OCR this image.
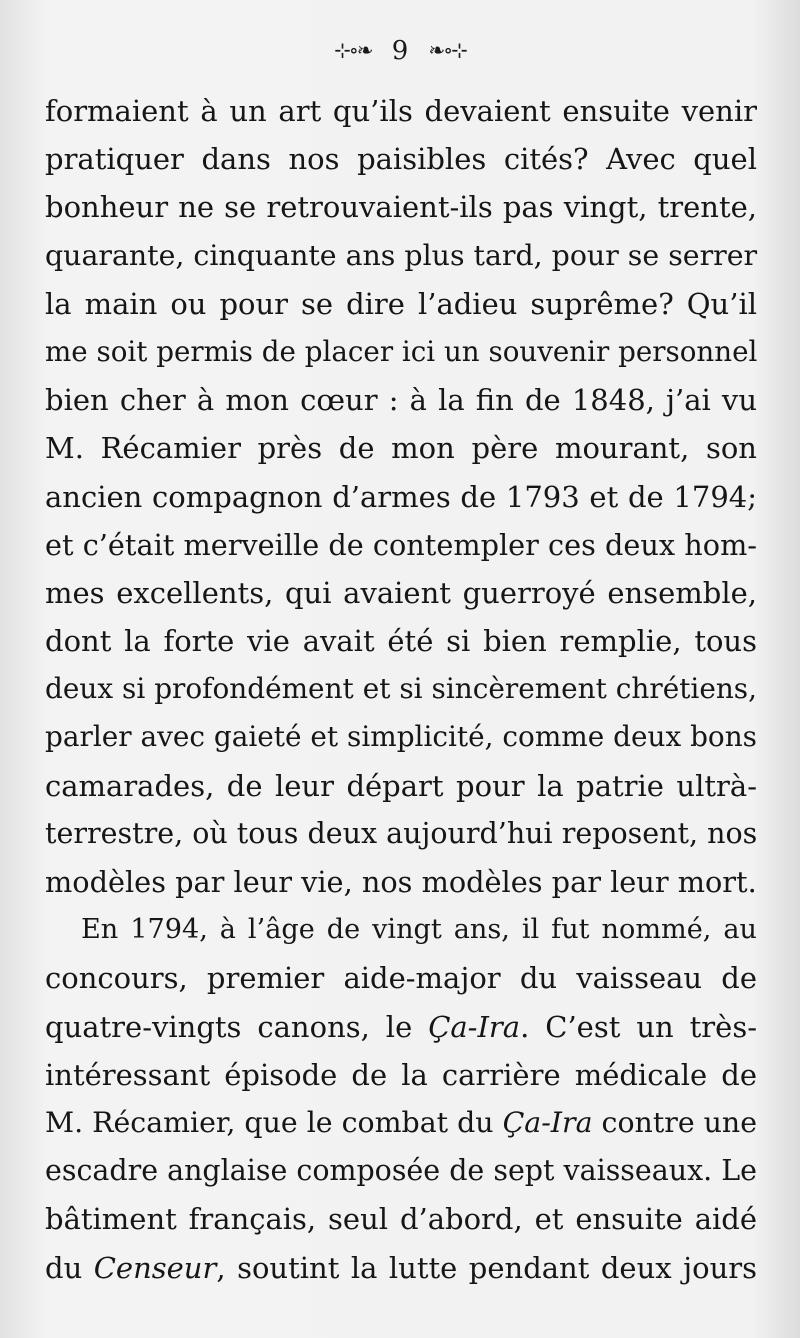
⊹∘❧ 9 ❧∘⊹
formaient à un art qu’ils devaient ensuite venir
pratiquer dans nos paisibles cités? Avec quel
bonheur ne se retrouvaient-ils pas vingt, trente,
quarante, cinquante ans plus tard, pour se serrer
la main ou pour se dire l’adieu suprême? Qu’il
me soit permis de placer ici un souvenir personnel
bien cher à mon cœur : à la fin de 1848, j’ai vu
M. Récamier près de mon père mourant, son
ancien compagnon d’armes de 1793 et de 1794;
et c’était merveille de contempler ces deux hom-
mes excellents, qui avaient guerroyé ensemble,
dont la forte vie avait été si bien remplie, tous
deux si profondément et si sincèrement chrétiens,
parler avec gaieté et simplicité, comme deux bons
camarades, de leur départ pour la patrie ultrà-
terrestre, où tous deux aujourd’hui reposent, nos
modèles par leur vie, nos modèles par leur mort.
En 1794, à l’âge de vingt ans, il fut nommé, au
concours, premier aide-major du vaisseau de
quatre-vingts canons, le Ça-Ira. C’est un très-
intéressant épisode de la carrière médicale de
M. Récamier, que le combat du Ça-Ira contre une
escadre anglaise composée de sept vaisseaux. Le
bâtiment français, seul d’abord, et ensuite aidé
du Censeur, soutint la lutte pendant deux jours
